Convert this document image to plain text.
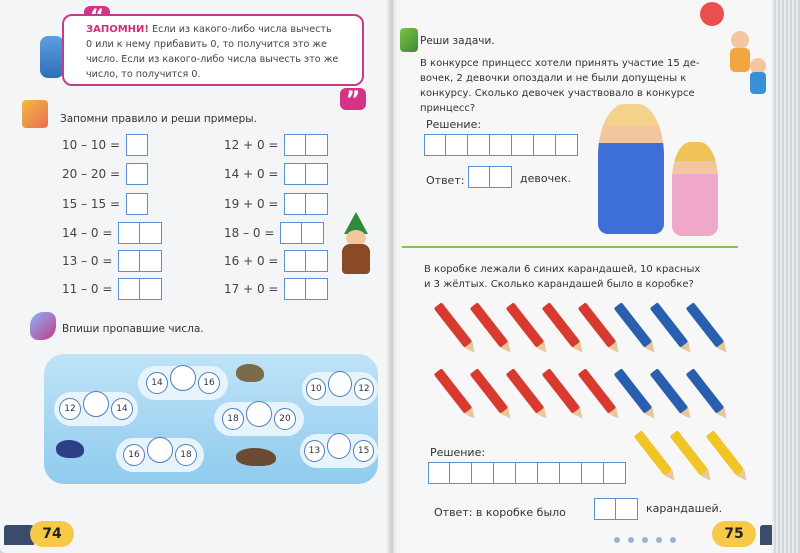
ЗАПОМНИ! Если из какого-либо числа вычесть
0 или к нему прибавить 0, то получится это же
число. Если из какого-либо числа вычесть это же
число, то получится 0.
”
Запомни правило и реши примеры.
10 – 10 =
20 – 20 =
15 – 15 =
14 – 0 =
13 – 0 =
11 – 0 =
12 + 0 =
14 + 0 =
19 + 0 =
18 – 0 =
16 + 0 =
17 + 0 =
Впиши пропавшие числа.
12	14
14	16
16	18
18	20
10	12
13	15
74
Реши задачи.
В конкурсе принцесс хотели принять участие 15 де-
вочек, 2 девочки опоздали и не были допущены к
конкурсу. Сколько девочек участвовало в конкурсе
принцесс?
Решение:
Ответ:	девочек.
В коробке лежали 6 синих карандашей, 10 красных
и 3 жёлтых. Сколько карандашей было в коробке?
Решение:
Ответ: в коробке было	карандашей.
75
